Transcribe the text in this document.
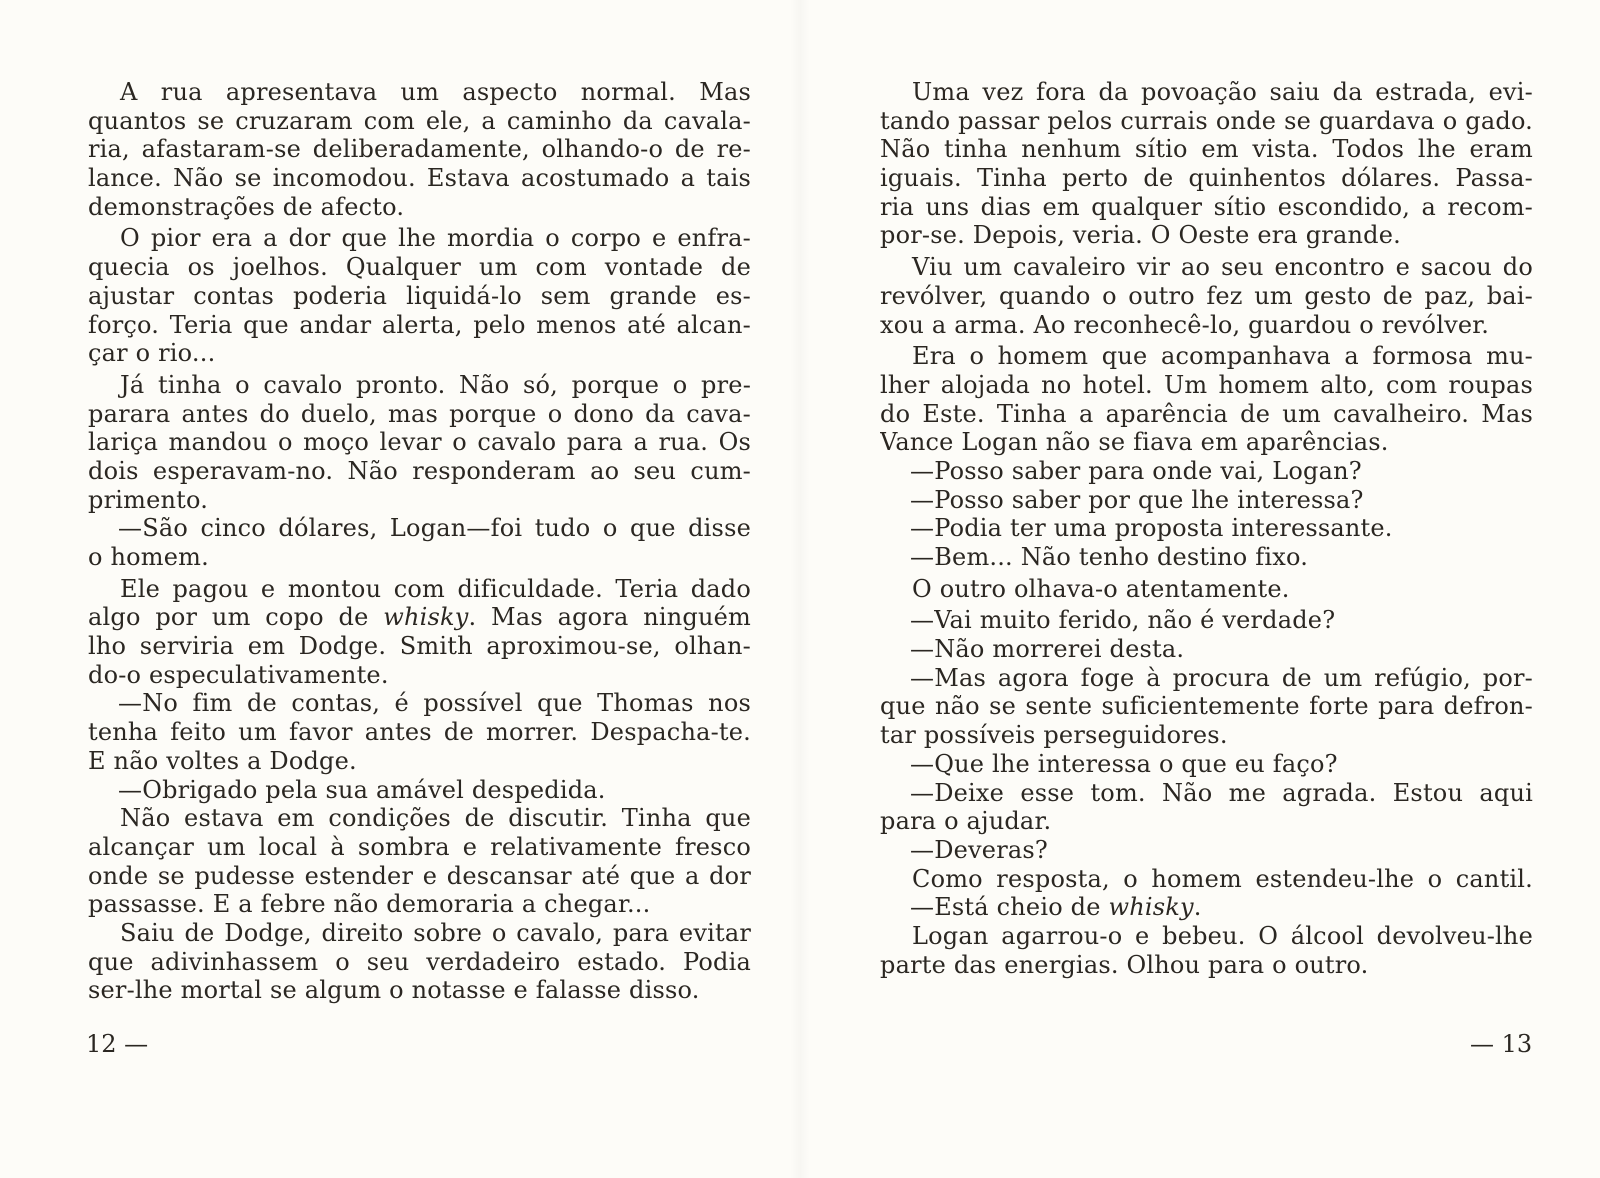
A rua apresentava um aspecto normal. Mas
quantos se cruzaram com ele, a caminho da cavala-
ria, afastaram-se deliberadamente, olhando-o de re-
lance. Não se incomodou. Estava acostumado a tais
demonstrações de afecto.
O pior era a dor que lhe mordia o corpo e enfra-
quecia os joelhos. Qualquer um com vontade de
ajustar contas poderia liquidá-lo sem grande es-
forço. Teria que andar alerta, pelo menos até alcan-
çar o rio...
Já tinha o cavalo pronto. Não só, porque o pre-
parara antes do duelo, mas porque o dono da cava-
lariça mandou o moço levar o cavalo para a rua. Os
dois esperavam-no. Não responderam ao seu cum-
primento.
—São cinco dólares, Logan—foi tudo o que disse
o homem.
Ele pagou e montou com dificuldade. Teria dado
algo por um copo de whisky. Mas agora ninguém
lho serviria em Dodge. Smith aproximou-se, olhan-
do-o especulativamente.
—No fim de contas, é possível que Thomas nos
tenha feito um favor antes de morrer. Despacha-te.
E não voltes a Dodge.
—Obrigado pela sua amável despedida.
Não estava em condições de discutir. Tinha que
alcançar um local à sombra e relativamente fresco
onde se pudesse estender e descansar até que a dor
passasse. E a febre não demoraria a chegar...
Saiu de Dodge, direito sobre o cavalo, para evitar
que adivinhassem o seu verdadeiro estado. Podia
ser-lhe mortal se algum o notasse e falasse disso.
12 —
Uma vez fora da povoação saiu da estrada, evi-
tando passar pelos currais onde se guardava o gado.
Não tinha nenhum sítio em vista. Todos lhe eram
iguais. Tinha perto de quinhentos dólares. Passa-
ria uns dias em qualquer sítio escondido, a recom-
por-se. Depois, veria. O Oeste era grande.
Viu um cavaleiro vir ao seu encontro e sacou do
revólver, quando o outro fez um gesto de paz, bai-
xou a arma. Ao reconhecê-lo, guardou o revólver.
Era o homem que acompanhava a formosa mu-
lher alojada no hotel. Um homem alto, com roupas
do Este. Tinha a aparência de um cavalheiro. Mas
Vance Logan não se fiava em aparências.
—Posso saber para onde vai, Logan?
—Posso saber por que lhe interessa?
—Podia ter uma proposta interessante.
—Bem... Não tenho destino fixo.
O outro olhava-o atentamente.
—Vai muito ferido, não é verdade?
—Não morrerei desta.
—Mas agora foge à procura de um refúgio, por-
que não se sente suficientemente forte para defron-
tar possíveis perseguidores.
—Que lhe interessa o que eu faço?
—Deixe esse tom. Não me agrada. Estou aqui
para o ajudar.
—Deveras?
Como resposta, o homem estendeu-lhe o cantil.
—Está cheio de whisky.
Logan agarrou-o e bebeu. O álcool devolveu-lhe
parte das energias. Olhou para o outro.
— 13
